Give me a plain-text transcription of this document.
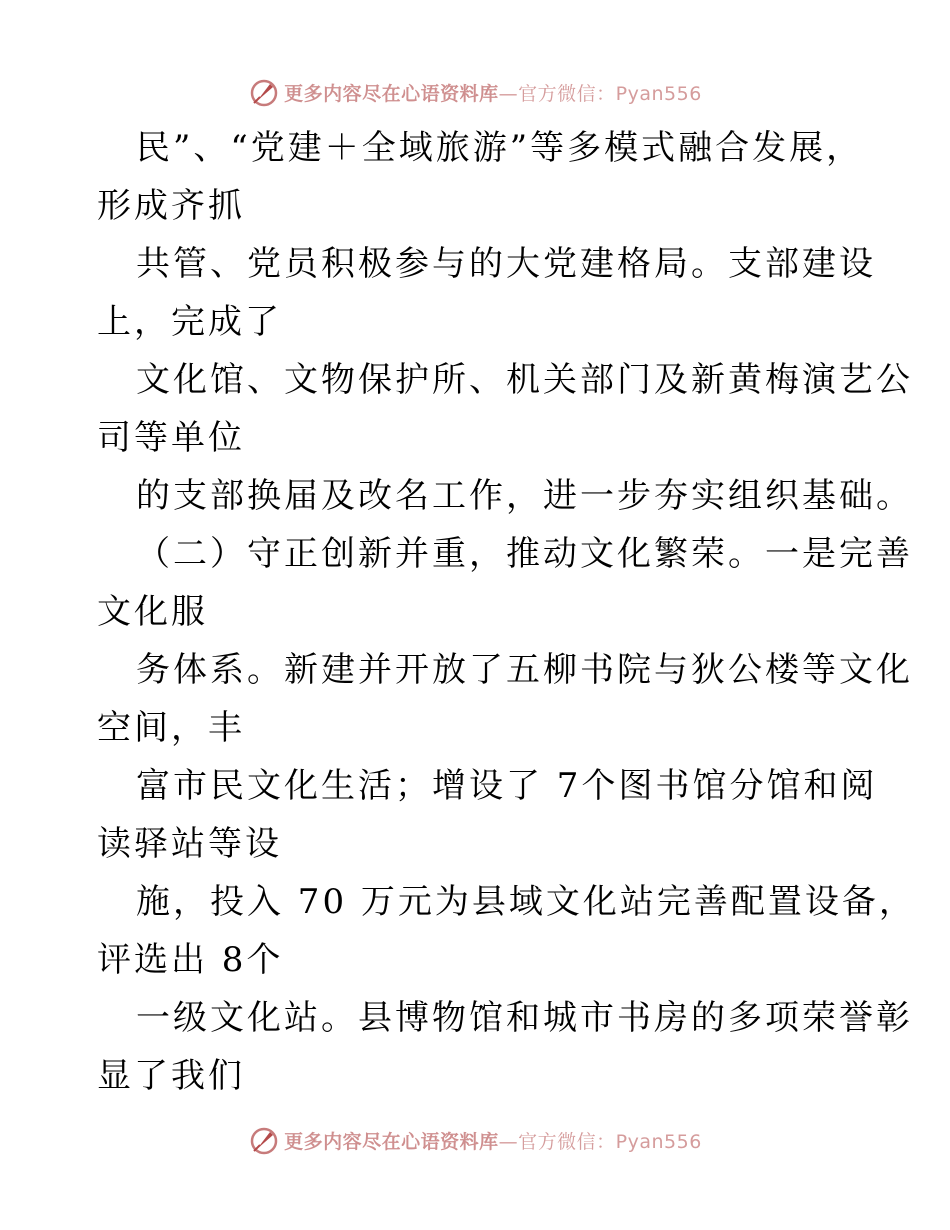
更多内容尽在心语资料库—官方微信：Pyan556
民”、“党建＋全域旅游”等多模式融合发展，
形成齐抓
共管、党员积极参与的大党建格局。支部建设
上，完成了
文化馆、文物保护所、机关部门及新黄梅演艺公
司等单位
的支部换届及改名工作，进一步夯实组织基础。
（二）守正创新并重，推动文化繁荣。一是完善
文化服
务体系。新建并开放了五柳书院与狄公楼等文化
空间，丰
富市民文化生活；增设了 7个图书馆分馆和阅
读驿站等设
施，投入 70 万元为县域文化站完善配置设备，
评选出 8个
一级文化站。县博物馆和城市书房的多项荣誉彰
显了我们
更多内容尽在心语资料库—官方微信：Pyan556
